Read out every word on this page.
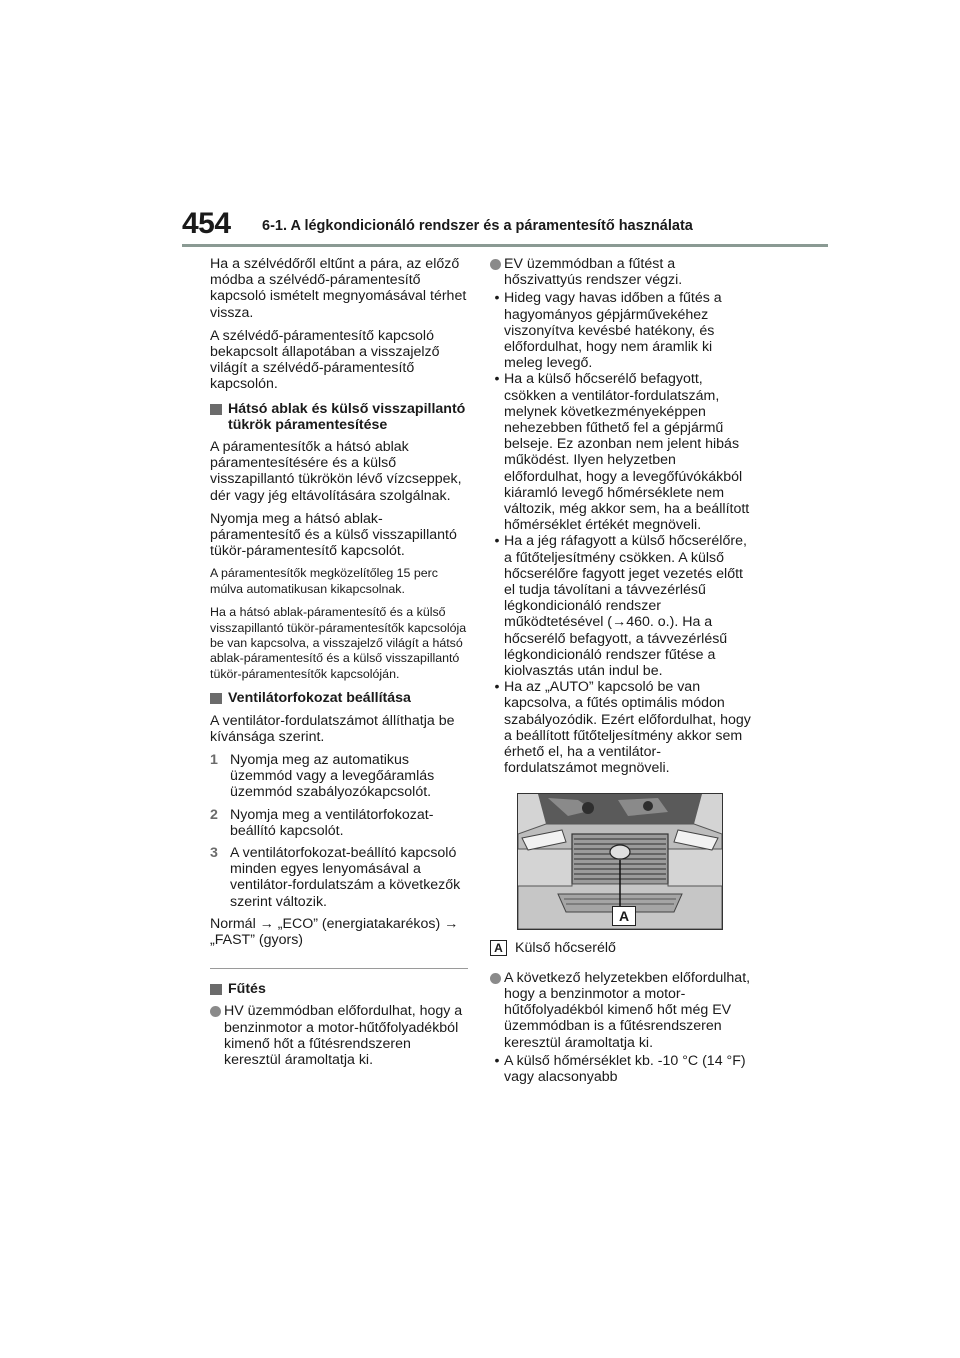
454 6-1. A légkondicionáló rendszer és a páramentesítő használata

Ha a szélvédőről eltűnt a pára, az előző módba a szélvédő-páramentesítő kapcsoló ismételt megnyomásával térhet vissza.

A szélvédő-páramentesítő kapcsoló bekapcsolt állapotában a visszajelző világít a szélvédő-páramentesítő kapcsolón.

Hátsó ablak és külső visszapillantó tükrök páramentesítése

A páramentesítők a hátsó ablak páramentesítésére és a külső visszapillantó tükrökön lévő vízcseppek, dér vagy jég eltávolítására szolgálnak.

Nyomja meg a hátsó ablak-páramentesítő és a külső visszapillantó tükör-páramentesítő kapcsolót.

A páramentesítők megközelítőleg 15 perc múlva automatikusan kikapcsolnak.

Ha a hátsó ablak-páramentesítő és a külső visszapillantó tükör-páramentesítők kapcsolója be van kapcsolva, a visszajelző világít a hátsó ablak-páramentesítő és a külső visszapillantó tükör-páramentesítők kapcsolóján.

Ventilátorfokozat beállítása

A ventilátor-fordulatszámot állíthatja be kívánsága szerint.

1 Nyomja meg az automatikus üzemmód vagy a levegőáramlás üzemmód szabályozókapcsolót.
2 Nyomja meg a ventilátorfokozat-beállító kapcsolót.
3 A ventilátorfokozat-beállító kapcsoló minden egyes lenyomásával a ventilátor-fordulatszám a következők szerint változik.

Normál → „ECO” (energiatakarékos) → „FAST” (gyors)

Fűtés
HV üzemmódban előfordulhat, hogy a benzinmotor a motor-hűtőfolyadékból kimenő hőt a fűtésrendszeren keresztül áramoltatja ki.
EV üzemmódban a fűtést a hőszivattyús rendszer végzi.
• Hideg vagy havas időben a fűtés a hagyományos gépjárművekéhez viszonyítva kevésbé hatékony, és előfordulhat, hogy nem áramlik ki meleg levegő.
• Ha a külső hőcserélő befagyott, csökken a ventilátor-fordulatszám, melynek következményeképpen nehezebben fűthető fel a gépjármű belseje. Ez azonban nem jelent hibás működést. Ilyen helyzetben előfordulhat, hogy a levegőfúvókákból kiáramló levegő hőmérséklete nem változik, még akkor sem, ha a beállított hőmérséklet értékét megnöveli.
• Ha a jég ráfagyott a külső hőcserélőre, a fűtőteljesítmény csökken. A külső hőcserélőre fagyott jeget vezetés előtt el tudja távolítani a távvezérlésű légkondicionáló rendszer működtetésével (→460. o.). Ha a hőcserélő befagyott, a távvezérlésű légkondicionáló rendszer fűtése a kiolvasztás után indul be.
• Ha az „AUTO” kapcsoló be van kapcsolva, a fűtés optimális módon szabályozódik. Ezért előfordulhat, hogy a beállított fűtőteljesítmény akkor sem érhető el, ha a ventilátor-fordulatszámot megnöveli.
A
A Külső hőcserélő
A következő helyzetekben előfordulhat, hogy a benzinmotor a motor-hűtőfolyadékból kimenő hőt még EV üzemmódban is a fűtésrendszeren keresztül áramoltatja ki.
• A külső hőmérséklet kb. -10 °C (14 °F) vagy alacsonyabb
